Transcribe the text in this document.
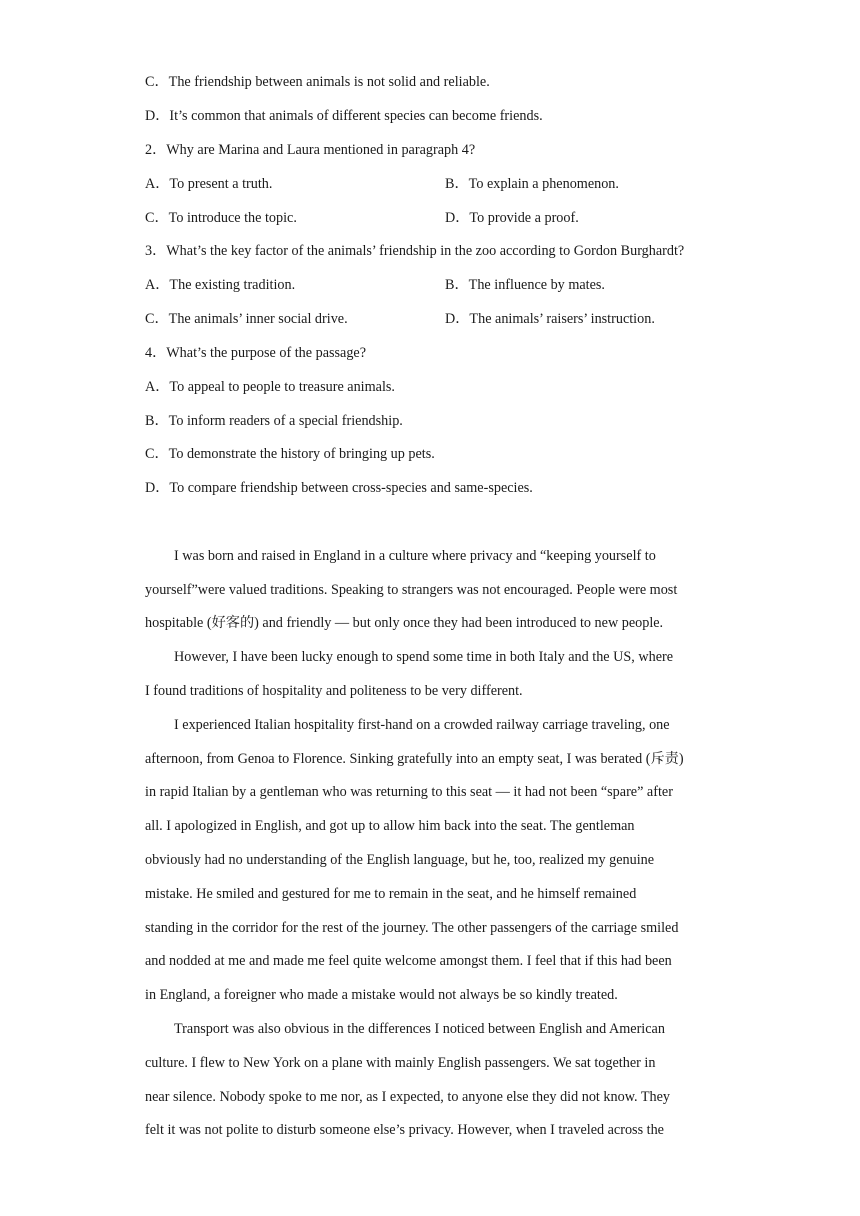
C．The friendship between animals is not solid and reliable.
D．It’s common that animals of different species can become friends.
2．Why are Marina and Laura mentioned in paragraph 4?
A．To present a truth.	B．To explain a phenomenon.
C．To introduce the topic.	D．To provide a proof.
3．What’s the key factor of the animals’ friendship in the zoo according to Gordon Burghardt?
A．The existing tradition.	B．The influence by mates.
C．The animals’ inner social drive.	D．The animals’ raisers’ instruction.
4．What’s the purpose of the passage?
A．To appeal to people to treasure animals.
B．To inform readers of a special friendship.
C．To demonstrate the history of bringing up pets.
D．To compare friendship between cross-species and same-species.
I was born and raised in England in a culture where privacy and “keeping yourself to
yourself”were valued traditions. Speaking to strangers was not encouraged. People were most
hospitable (好客的) and friendly — but only once they had been introduced to new people.
However, I have been lucky enough to spend some time in both Italy and the US, where
I found traditions of hospitality and politeness to be very different.
I experienced Italian hospitality first-hand on a crowded railway carriage traveling, one
afternoon, from Genoa to Florence. Sinking gratefully into an empty seat, I was berated (斥责)
in rapid Italian by a gentleman who was returning to this seat — it had not been “spare” after
all. I apologized in English, and got up to allow him back into the seat. The gentleman
obviously had no understanding of the English language, but he, too, realized my genuine
mistake. He smiled and gestured for me to remain in the seat, and he himself remained
standing in the corridor for the rest of the journey. The other passengers of the carriage smiled
and nodded at me and made me feel quite welcome amongst them. I feel that if this had been
in England, a foreigner who made a mistake would not always be so kindly treated.
Transport was also obvious in the differences I noticed between English and American
culture. I flew to New York on a plane with mainly English passengers. We sat together in
near silence. Nobody spoke to me nor, as I expected, to anyone else they did not know. They
felt it was not polite to disturb someone else’s privacy. However, when I traveled across the
